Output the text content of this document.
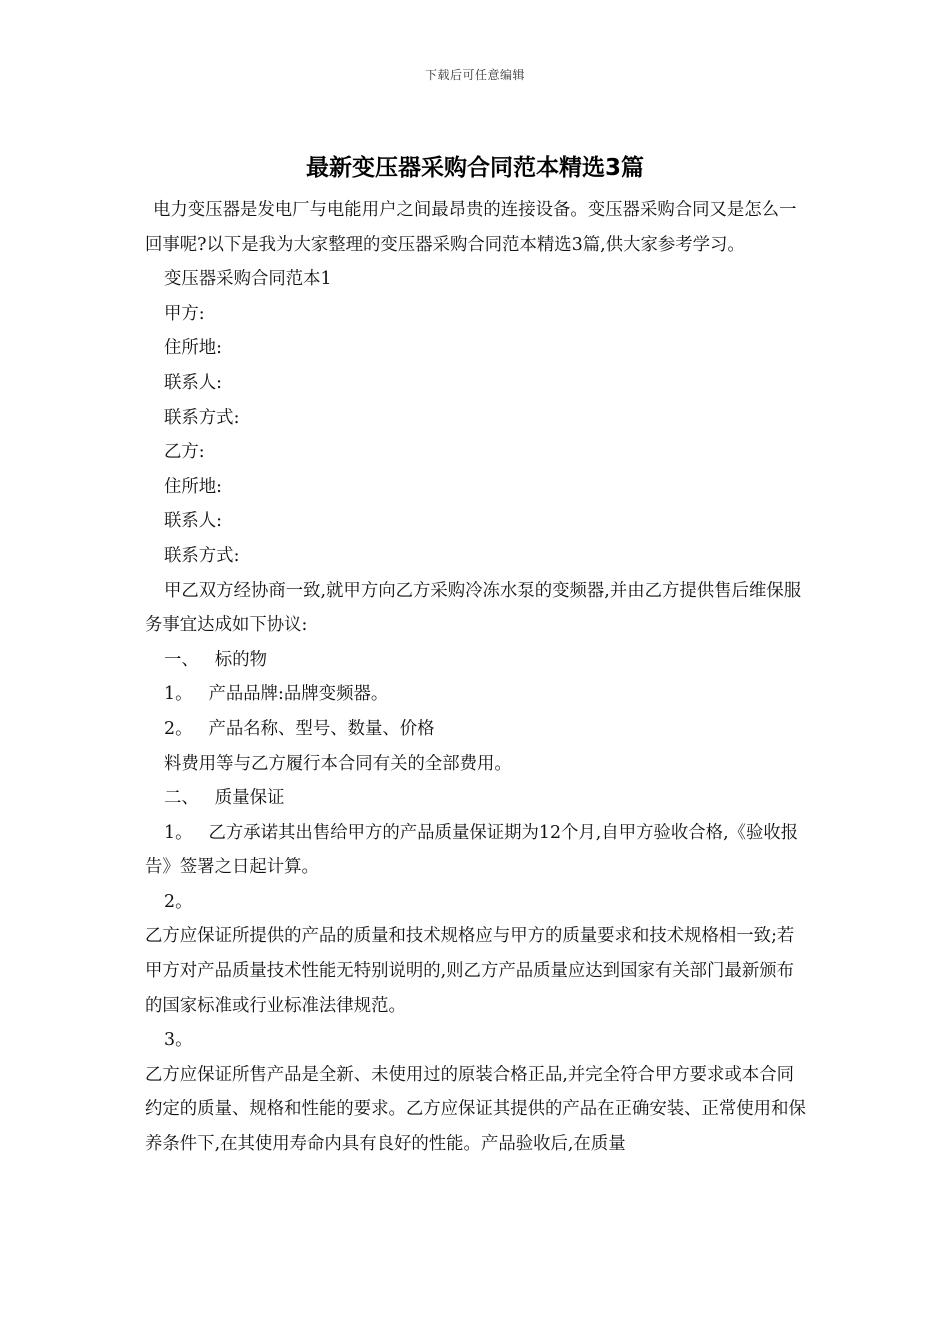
下载后可任意编辑
最新变压器采购合同范本精选3篇

电力变压器是发电厂与电能用户之间最昂贵的连接设备。变压器采购合同又是怎么一回事呢?以下是我为大家整理的变压器采购合同范本精选3篇,供大家参考学习。

变压器采购合同范本1

甲方:

住所地:

联系人:

联系方式:

乙方:

住所地:

联系人:

联系方式:

甲乙双方经协商一致,就甲方向乙方采购冷冻水泵的变频器,并由乙方提供售后维保服务事宜达成如下协议:

一、 标的物

1。 产品品牌:品牌变频器。

2。 产品名称、型号、数量、价格

料费用等与乙方履行本合同有关的全部费用。

二、 质量保证

1。 乙方承诺其出售给甲方的产品质量保证期为12个月,自甲方验收合格,《验收报告》签署之日起计算。

2。

乙方应保证所提供的产品的质量和技术规格应与甲方的质量要求和技术规格相一致;若甲方对产品质量技术性能无特别说明的,则乙方产品质量应达到国家有关部门最新颁布的国家标准或行业标准法律规范。

3。

乙方应保证所售产品是全新、未使用过的原装合格正品,并完全符合甲方要求或本合同约定的质量、规格和性能的要求。乙方应保证其提供的产品在正确安装、正常使用和保养条件下,在其使用寿命内具有良好的性能。产品验收后,在质量
